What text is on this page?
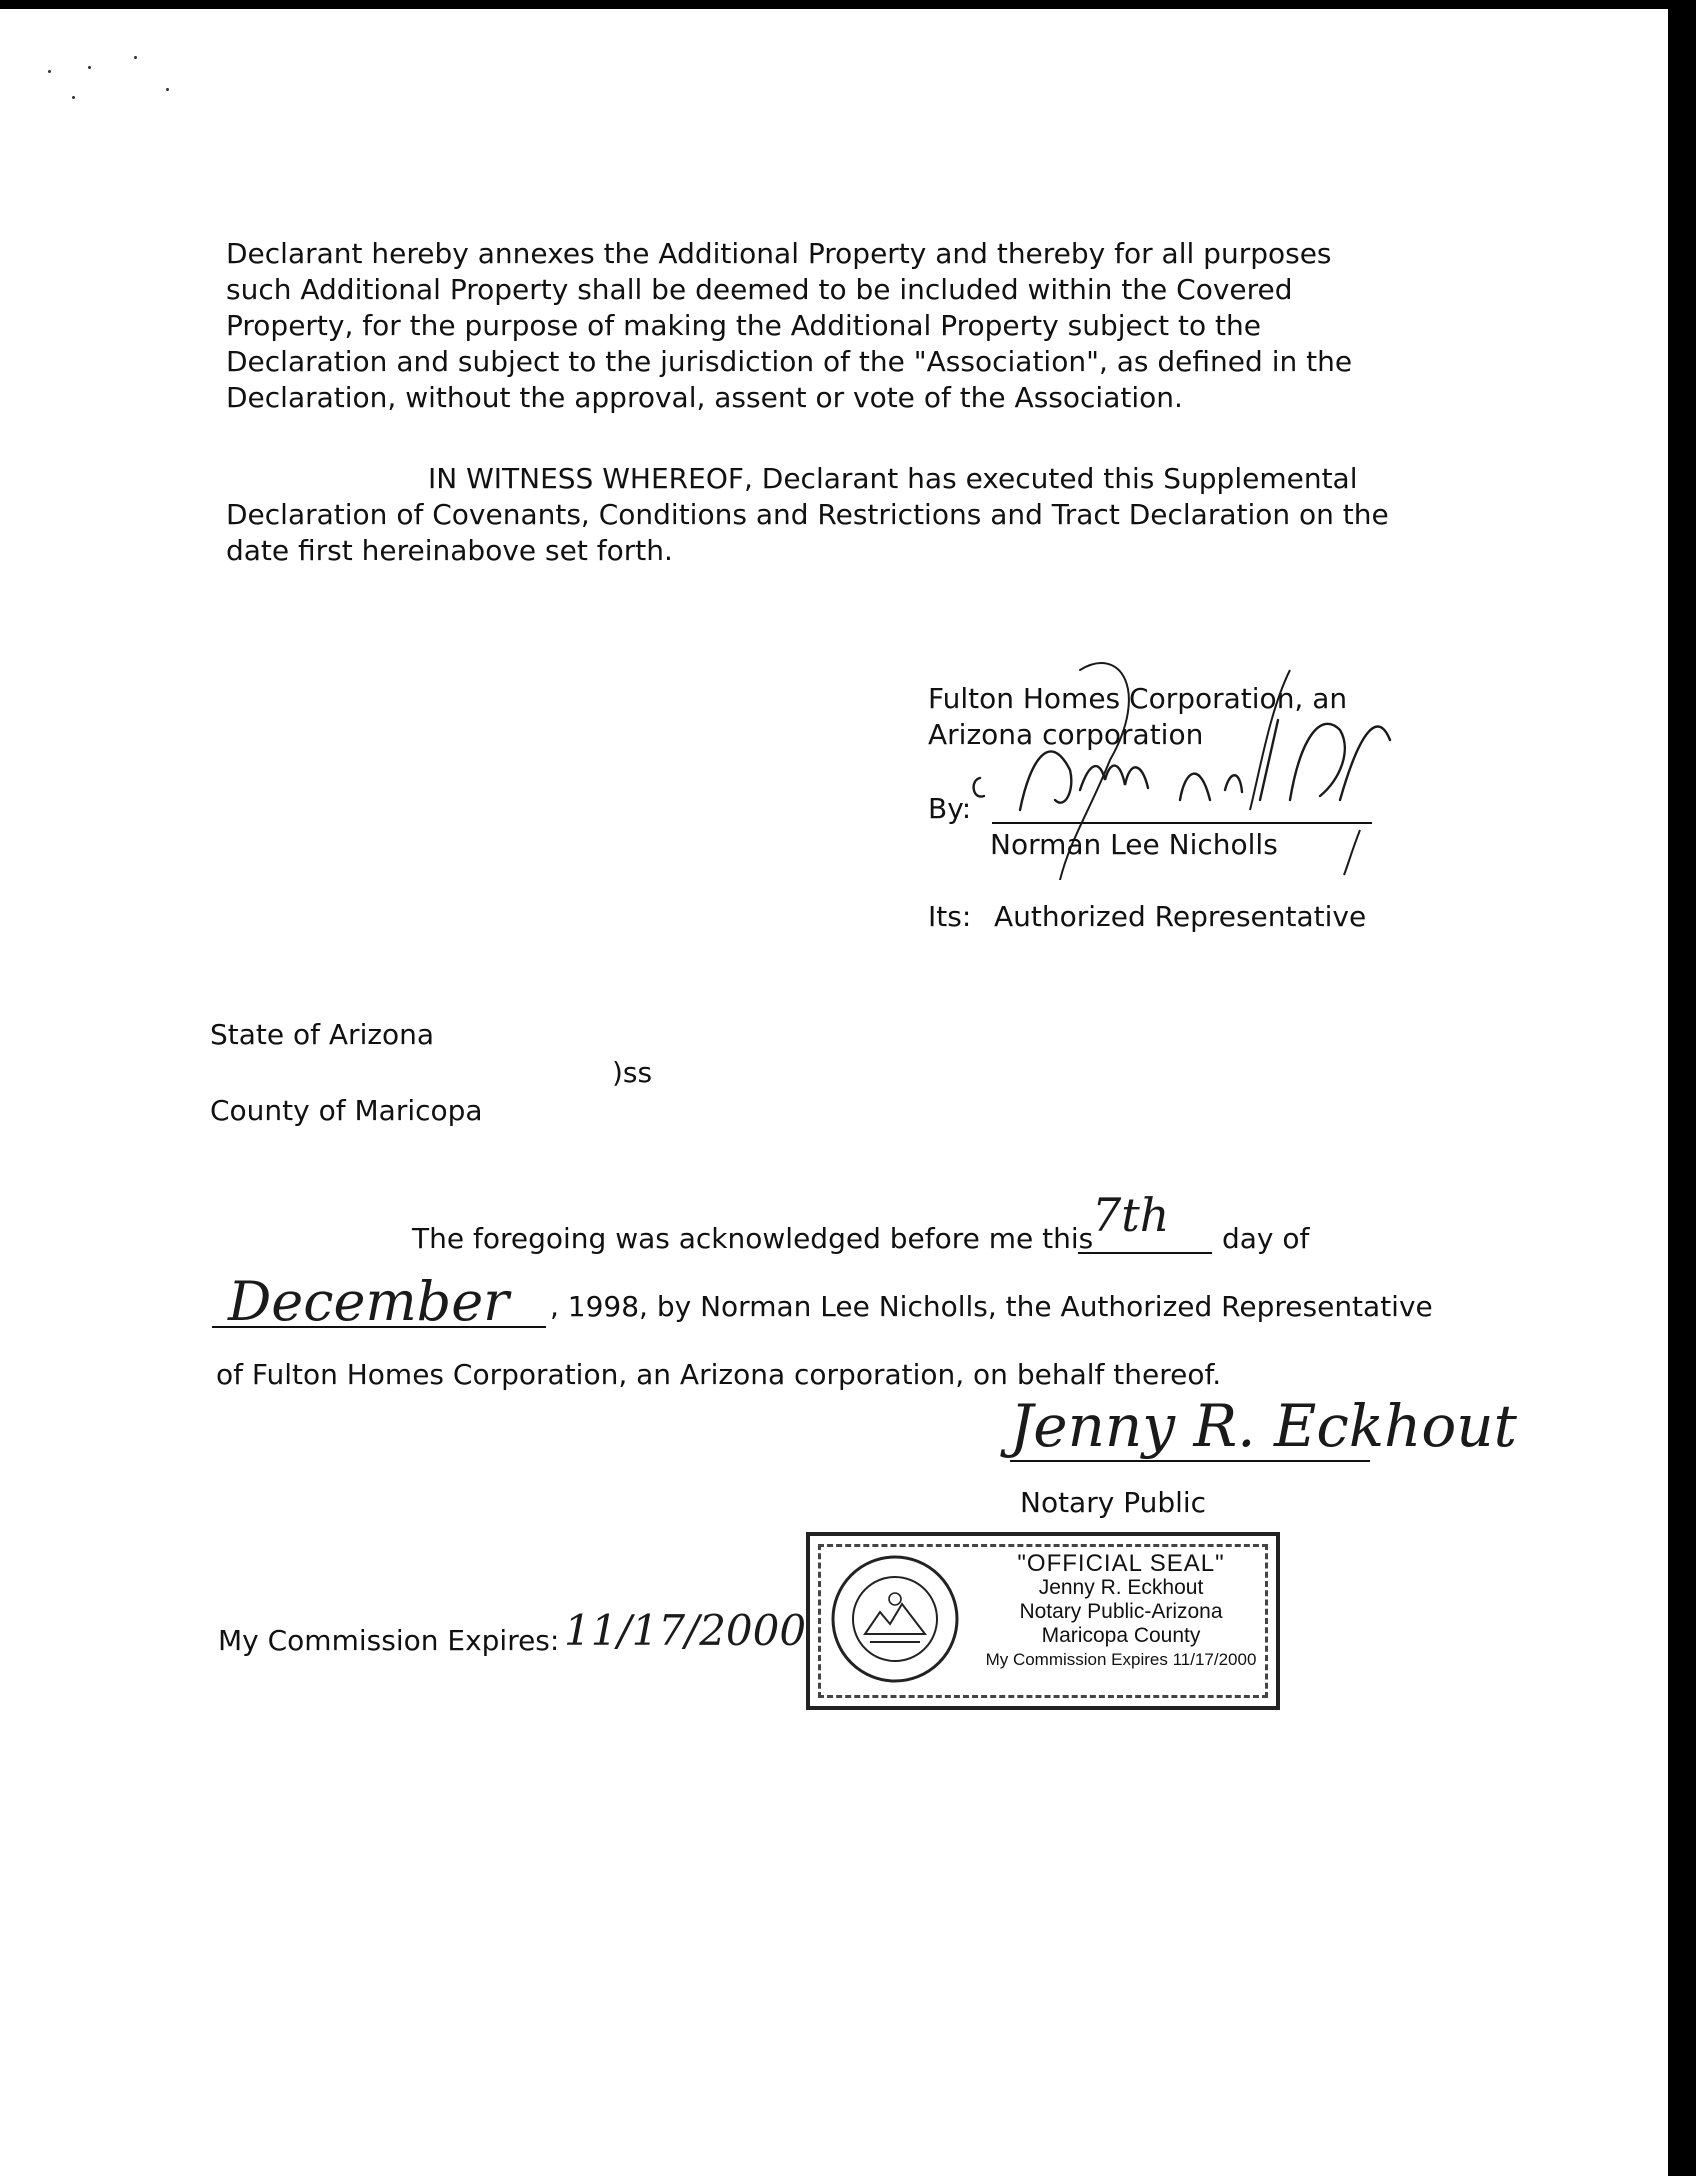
Declarant hereby annexes the Additional Property and thereby for all purposes such Additional Property shall be deemed to be included within the Covered Property, for the purpose of making the Additional Property subject to the Declaration and subject to the jurisdiction of the "Association", as defined in the Declaration, without the approval, assent or vote of the Association.

IN WITNESS WHEREOF, Declarant has executed this Supplemental
Declaration of Covenants, Conditions and Restrictions and Tract Declaration on the
date first hereinabove set forth.
Fulton Homes Corporation, an
Arizona corporation
By:
Norman Lee Nicholls
Its: Authorized Representative
State of Arizona
)ss
County of Maricopa
The foregoing was acknowledged before me this
7th day of
December , 1998, by Norman Lee Nicholls, the Authorized Representative
of Fulton Homes Corporation, an Arizona corporation, on behalf thereof.
Jenny R. Eckhout
Notary Public
My Commission Expires: 11/17/2000
"OFFICIAL SEAL"
Jenny R. Eckhout
Notary Public-Arizona
Maricopa County
My Commission Expires 11/17/2000
